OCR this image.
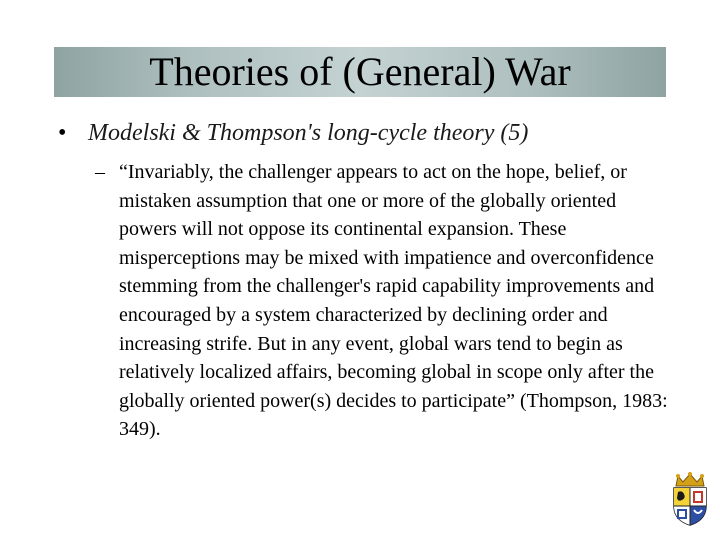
Theories of (General) War
• Modelski & Thompson's long-cycle theory (5)
– “Invariably, the challenger appears to act on the hope, belief, or mistaken assumption that one or more of the globally oriented powers will not oppose its continental expansion. These misperceptions may be mixed with impatience and overconfidence stemming from the challenger's rapid capability improvements and encouraged by a system characterized by declining order and increasing strife. But in any event, global wars tend to begin as relatively localized affairs, becoming global in scope only after the globally oriented power(s) decides to participate” (Thompson, 1983: 349).
